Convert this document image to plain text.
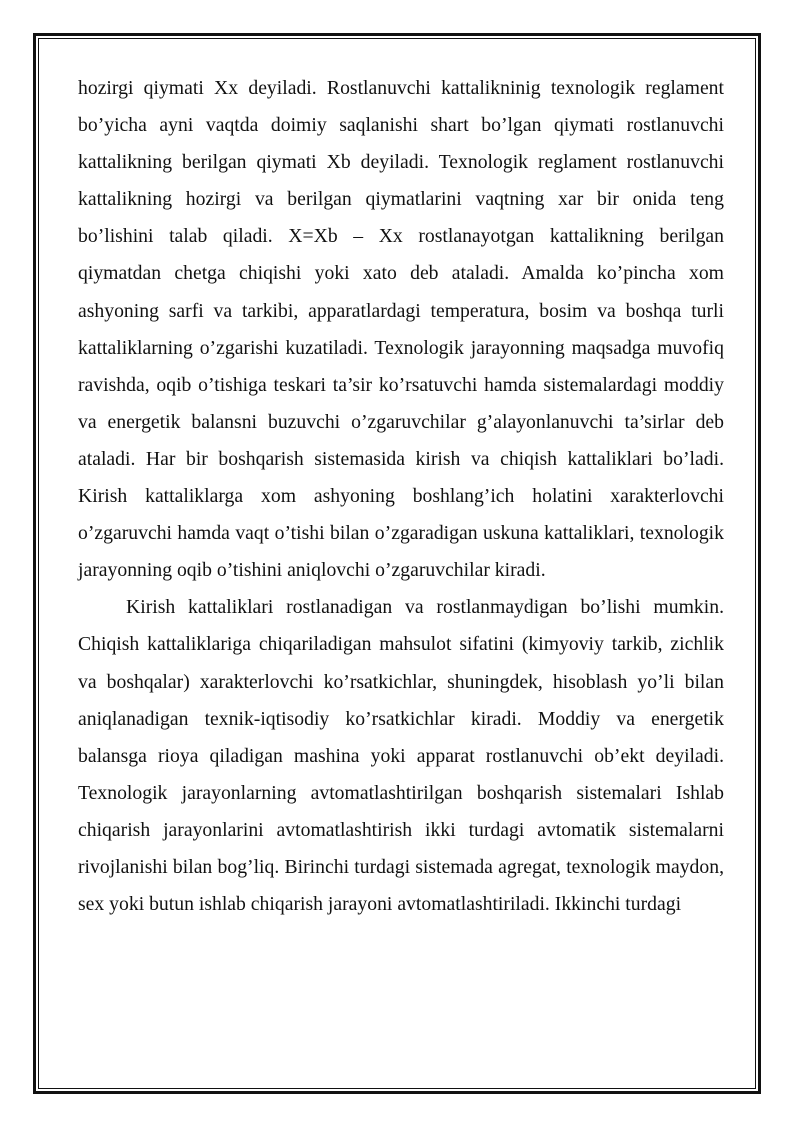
hozirgi qiymati Xx deyiladi. Rostlanuvchi kattalikninig texnologik reglament bo’yicha ayni vaqtda doimiy saqlanishi shart bo’lgan qiymati rostlanuvchi kattalikning berilgan qiymati Xb deyiladi. Texnologik reglament rostlanuvchi kattalikning hozirgi va berilgan qiymatlarini vaqtning xar bir onida teng bo’lishini talab qiladi. X=Xb – Xx rostlanayotgan kattalikning berilgan qiymatdan chetga chiqishi yoki xato deb ataladi. Amalda ko’pincha xom ashyoning sarfi va tarkibi, apparatlardagi temperatura, bosim va boshqa turli kattaliklarning o’zgarishi kuzatiladi. Texnologik jarayonning maqsadga muvofiq ravishda, oqib o’tishiga teskari ta’sir ko’rsatuvchi hamda sistemalardagi moddiy va energetik balansni buzuvchi o’zgaruvchilar g’alayonlanuvchi ta’sirlar deb ataladi. Har bir boshqarish sistemasida kirish va chiqish kattaliklari bo’ladi. Kirish kattaliklarga xom ashyoning boshlang’ich holatini xarakterlovchi o’zgaruvchi hamda vaqt o’tishi bilan o’zgaradigan uskuna kattaliklari, texnologik jarayonning oqib o’tishini aniqlovchi o’zgaruvchilar kiradi.

Kirish kattaliklari rostlanadigan va rostlanmaydigan bo’lishi mumkin. Chiqish kattaliklariga chiqariladigan mahsulot sifatini (kimyoviy tarkib, zichlik va boshqalar) xarakterlovchi ko’rsatkichlar, shuningdek, hisoblash yo’li bilan aniqlanadigan texnik-iqtisodiy ko’rsatkichlar kiradi. Moddiy va energetik balansga rioya qiladigan mashina yoki apparat rostlanuvchi ob’ekt deyiladi. Texnologik jarayonlarning avtomatlashtirilgan boshqarish sistemalari Ishlab chiqarish jarayonlarini avtomatlashtirish ikki turdagi avtomatik sistemalarni rivojlanishi bilan bog’liq. Birinchi turdagi sistemada agregat, texnologik maydon, sex yoki butun ishlab chiqarish jarayoni avtomatlashtiriladi. Ikkinchi turdagi
